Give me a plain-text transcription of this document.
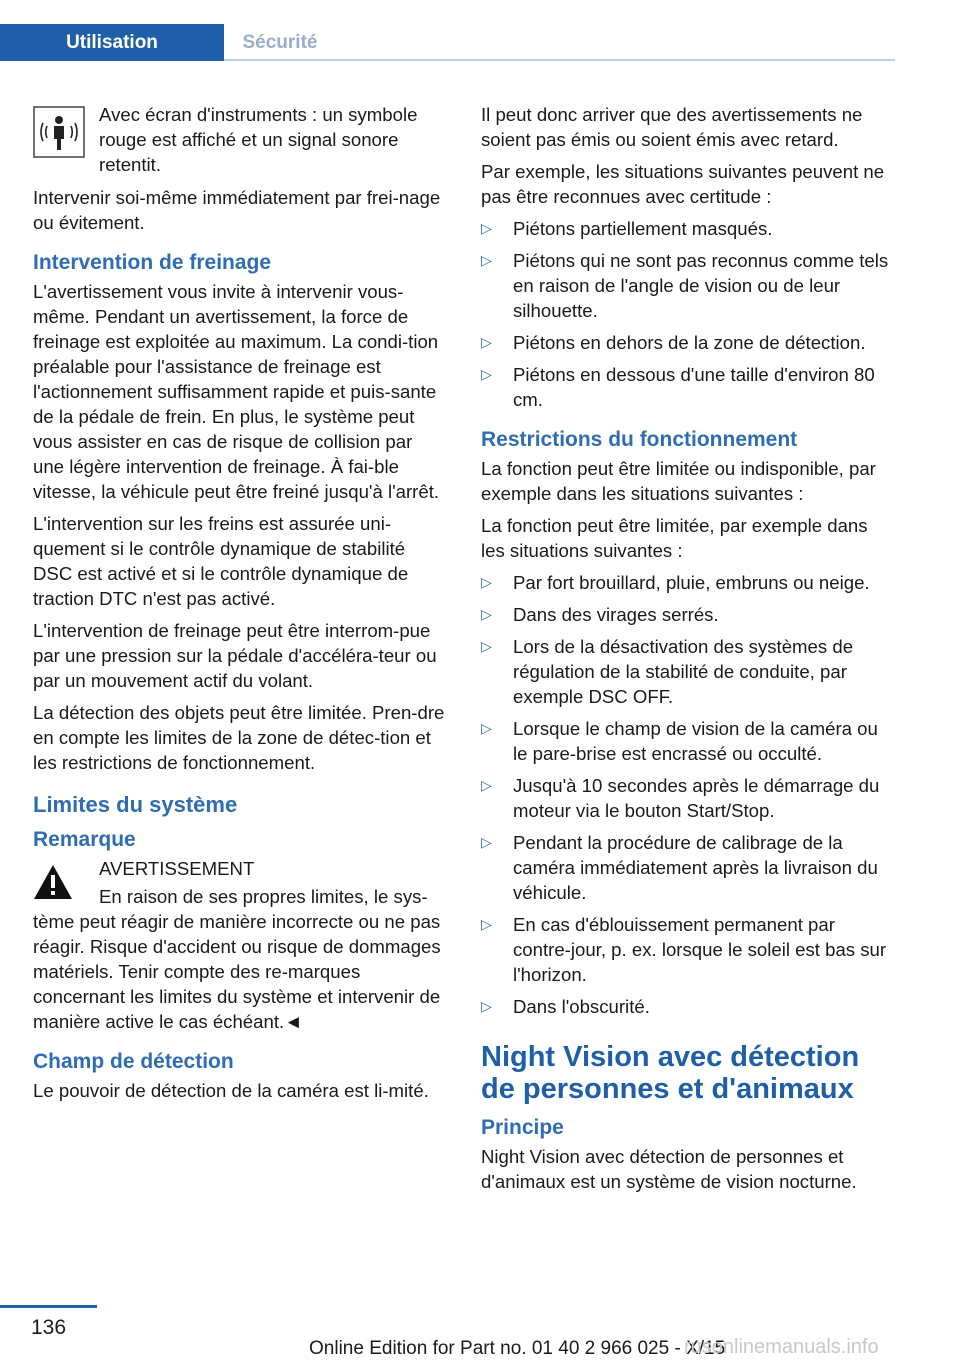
Utilisation	Sécurité

Avec écran d'instruments : un symbole rouge est affiché et un signal sonore retentit.

Intervenir soi-même immédiatement par frei-nage ou évitement.

Intervention de freinage

L'avertissement vous invite à intervenir vous-même. Pendant un avertissement, la force de freinage est exploitée au maximum. La condi-tion préalable pour l'assistance de freinage est l'actionnement suffisamment rapide et puis-sante de la pédale de frein. En plus, le système peut vous assister en cas de risque de collision par une légère intervention de freinage. À fai-ble vitesse, la véhicule peut être freiné jusqu'à l'arrêt.

L'intervention sur les freins est assurée uni-quement si le contrôle dynamique de stabilité DSC est activé et si le contrôle dynamique de traction DTC n'est pas activé.

L'intervention de freinage peut être interrom-pue par une pression sur la pédale d'accéléra-teur ou par un mouvement actif du volant.

La détection des objets peut être limitée. Pren-dre en compte les limites de la zone de détec-tion et les restrictions de fonctionnement.

Limites du système
Remarque
AVERTISSEMENT

En raison de ses propres limites, le sys-tème peut réagir de manière incorrecte ou ne pas réagir. Risque d'accident ou risque de dommages matériels. Tenir compte des re-marques concernant les limites du système et intervenir de manière active le cas échéant.◄

Champ de détection

Le pouvoir de détection de la caméra est li-mité.

Il peut donc arriver que des avertissements ne soient pas émis ou soient émis avec retard.

Par exemple, les situations suivantes peuvent ne pas être reconnues avec certitude :

▷ Piétons partiellement masqués.
▷ Piétons qui ne sont pas reconnus comme tels en raison de l'angle de vision ou de leur silhouette.
▷ Piétons en dehors de la zone de détection.
▷ Piétons en dessous d'une taille d'environ 80 cm.
Restrictions du fonctionnement

La fonction peut être limitée ou indisponible, par exemple dans les situations suivantes :

La fonction peut être limitée, par exemple dans les situations suivantes :

▷ Par fort brouillard, pluie, embruns ou neige.
▷ Dans des virages serrés.
▷ Lors de la désactivation des systèmes de régulation de la stabilité de conduite, par exemple DSC OFF.
▷ Lorsque le champ de vision de la caméra ou le pare-brise est encrassé ou occulté.
▷ Jusqu'à 10 secondes après le démarrage du moteur via le bouton Start/Stop.
▷ Pendant la procédure de calibrage de la caméra immédiatement après la livraison du véhicule.
▷ En cas d'éblouissement permanent par contre-jour, p. ex. lorsque le soleil est bas sur l'horizon.
▷ Dans l'obscurité.
Night Vision avec détection de personnes et d'animaux
Principe

Night Vision avec détection de personnes et d'animaux est un système de vision nocturne.

136
Online Edition for Part no. 01 40 2 966 025 - X/15
rusonlinemanuals.info
